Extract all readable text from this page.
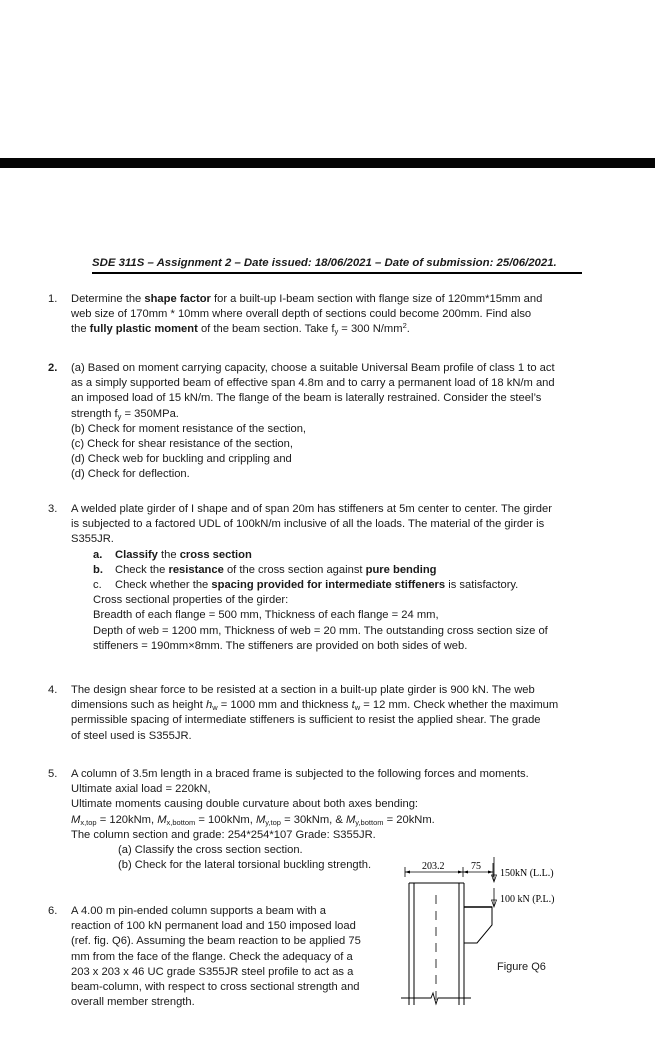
SDE 311S – Assignment 2 – Date issued: 18/06/2021 – Date of submission: 25/06/2021.
1.	Determine the shape factor for a built-up I-beam section with flange size of 120mm*15mm and

web size of 170mm * 10mm where overall depth of sections could become 200mm. Find also

the fully plastic moment of the beam section. Take $f_y = 300$ $N/mm^2$.

2.	(a) Based on moment carrying capacity, choose a suitable Universal Beam profile of class 1 to act

as a simply supported beam of effective span 4.8m and to carry a permanent load of 18 kN/m and

an imposed load of 15 kN/m. The flange of the beam is laterally restrained. Consider the steel’s

strength $f_y = 350MPa$.

(b) Check for moment resistance of the section,

(c) Check for shear resistance of the section,

(d) Check web for buckling and crippling and

(d) Check for deflection.

3.	A welded plate girder of I shape and of span 20m has stiffeners at 5m center to center. The girder

is subjected to a factored UDL of 100kN/m inclusive of all the loads. The material of the girder is

S355JR.

a. Classify the cross section

b. Check the resistance of the cross section against pure bending

c. Check whether the spacing provided for intermediate stiffeners is satisfactory.

Cross sectional properties of the girder:

Breadth of each flange = 500 mm, Thickness of each flange = 24 mm,

Depth of web = 1200 mm, Thickness of web = 20 mm. The outstanding cross section size of

stiffeners = 190mm×8mm. The stiffeners are provided on both sides of web.

4.	The design shear force to be resisted at a section in a built-up plate girder is 900 kN. The web

dimensions such as height $h_w = 1000$ mm and thickness $t_w = 12$ mm. Check whether the maximum

permissible spacing of intermediate stiffeners is sufficient to resist the applied shear. The grade

of steel used is S355JR.

5.	A column of 3.5m length in a braced frame is subjected to the following forces and moments.

Ultimate axial load = 220kN,

Ultimate moments causing double curvature about both axes bending:

$M_{x,top} = 120kNm$, $M_{x,bottom} = 100kNm$, $M_{y,top} = 30kNm$, & $M_{y,bottom} = 20kNm$.

The column section and grade: 254*254*107 Grade: S355JR.

(a) Classify the cross section section.

(b) Check for the lateral torsional buckling strength.

6.	A 4.00 m pin-ended column supports a beam with a

reaction of 100 kN permanent load and 150 imposed load

(ref. fig. Q6). Assuming the beam reaction to be applied 75

mm from the face of the flange. Check the adequacy of a

203 x 203 x 46 UC grade S355JR steel profile to act as a

beam-column, with respect to cross sectional strength and

overall member strength.

203.2	75
150kN (L.L.)
100 kN (P.L.)
Figure Q6
